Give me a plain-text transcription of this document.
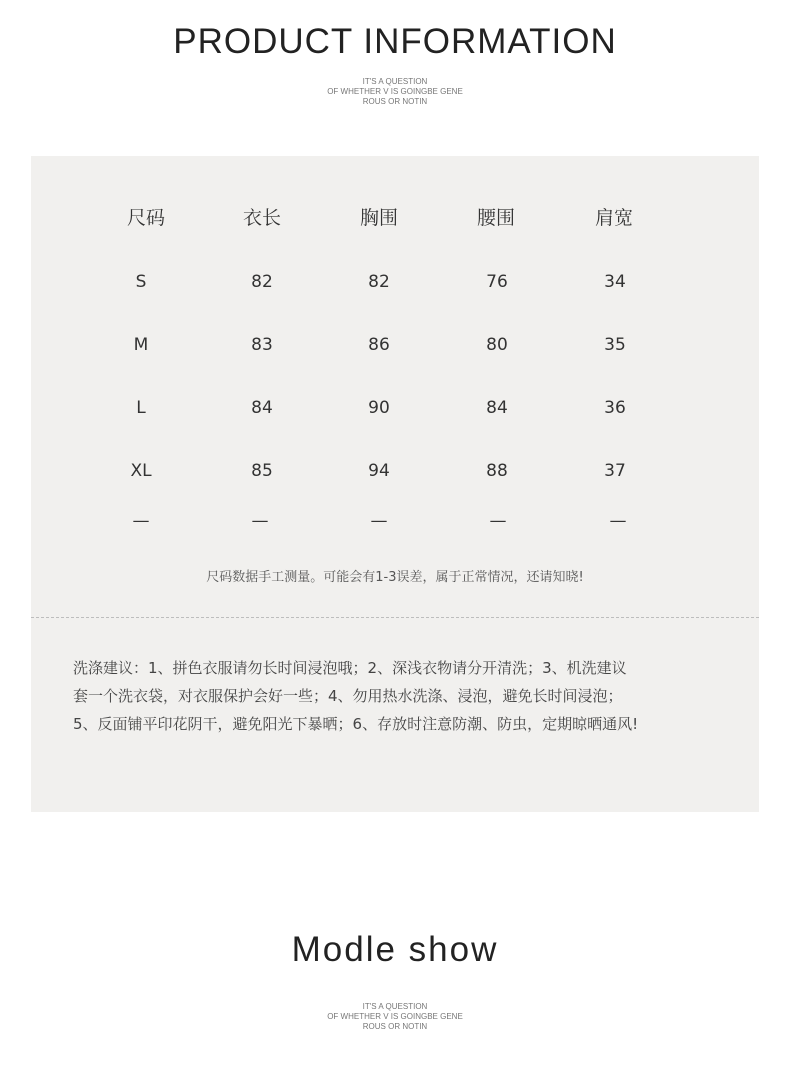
PRODUCT INFORMATION
IT'S A QUESTION
OF WHETHER V IS GOINGBE GENE
ROUS OR NOTIN
尺码	衣长	胸围	腰围	肩宽
S	82	82	76	34
M	83	86	80	35
L	84	90	84	36
XL	85	94	88	37
—	—	—	—	—
尺码数据手工测量。可能会有1-3误差，属于正常情况，还请知晓!
洗涤建议：1、拼色衣服请勿长时间浸泡哦；2、深浅衣物请分开清洗；3、机洗建议
套一个洗衣袋，对衣服保护会好一些；4、勿用热水洗涤、浸泡，避免长时间浸泡；
5、反面铺平印花阴干，避免阳光下暴晒；6、存放时注意防潮、防虫，定期晾晒通风!
Modle show
IT'S A QUESTION
OF WHETHER V IS GOINGBE GENE
ROUS OR NOTIN
